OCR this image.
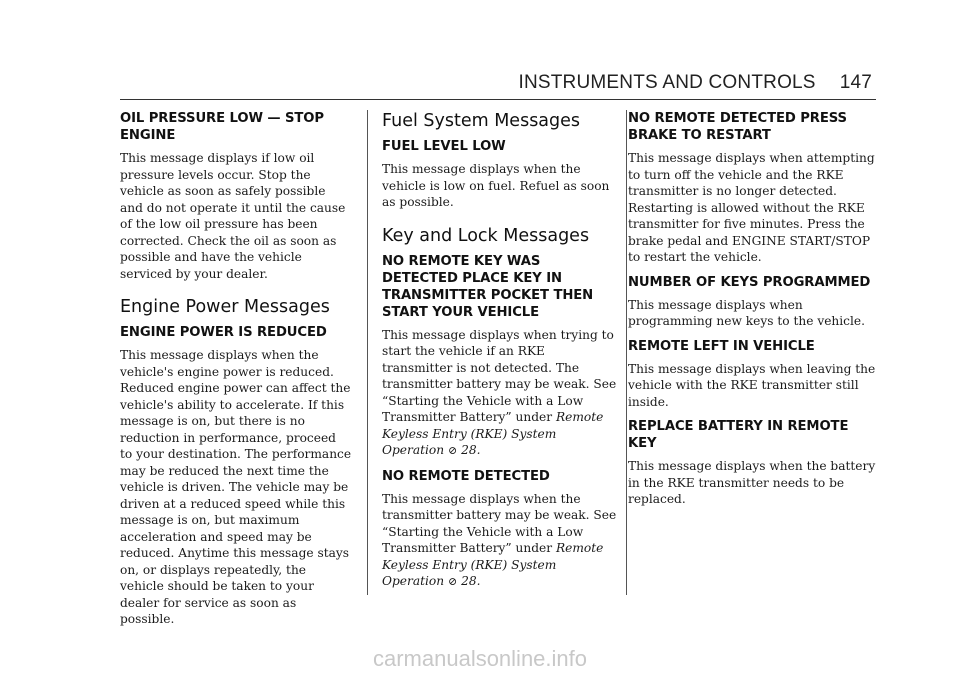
INSTRUMENTS AND CONTROLS 147
OIL PRESSURE LOW — STOP ENGINE

This message displays if low oil pressure levels occur. Stop the vehicle as soon as safely possible and do not operate it until the cause of the low oil pressure has been corrected. Check the oil as soon as possible and have the vehicle serviced by your dealer.

Engine Power Messages
ENGINE POWER IS REDUCED

This message displays when the vehicle's engine power is reduced. Reduced engine power can affect the vehicle's ability to accelerate. If this message is on, but there is no reduction in performance, proceed to your destination. The performance may be reduced the next time the vehicle is driven. The vehicle may be driven at a reduced speed while this message is on, but maximum acceleration and speed may be reduced. Anytime this message stays on, or displays repeatedly, the vehicle should be taken to your dealer for service as soon as possible.

Fuel System Messages
FUEL LEVEL LOW

This message displays when the vehicle is low on fuel. Refuel as soon as possible.

Key and Lock Messages
NO REMOTE KEY WAS DETECTED PLACE KEY IN TRANSMITTER POCKET THEN START YOUR VEHICLE

This message displays when trying to start the vehicle if an RKE transmitter is not detected. The transmitter battery may be weak. See “Starting the Vehicle with a Low Transmitter Battery” under Remote Keyless Entry (RKE) System Operation ⊘ 28.

NO REMOTE DETECTED

This message displays when the transmitter battery may be weak. See “Starting the Vehicle with a Low Transmitter Battery” under Remote Keyless Entry (RKE) System Operation ⊘ 28.

NO REMOTE DETECTED PRESS BRAKE TO RESTART

This message displays when attempting to turn off the vehicle and the RKE transmitter is no longer detected. Restarting is allowed without the RKE transmitter for five minutes. Press the brake pedal and ENGINE START/STOP to restart the vehicle.

NUMBER OF KEYS PROGRAMMED

This message displays when programming new keys to the vehicle.

REMOTE LEFT IN VEHICLE

This message displays when leaving the vehicle with the RKE transmitter still inside.

REPLACE BATTERY IN REMOTE KEY

This message displays when the battery in the RKE transmitter needs to be replaced.

carmanualsonline.info
